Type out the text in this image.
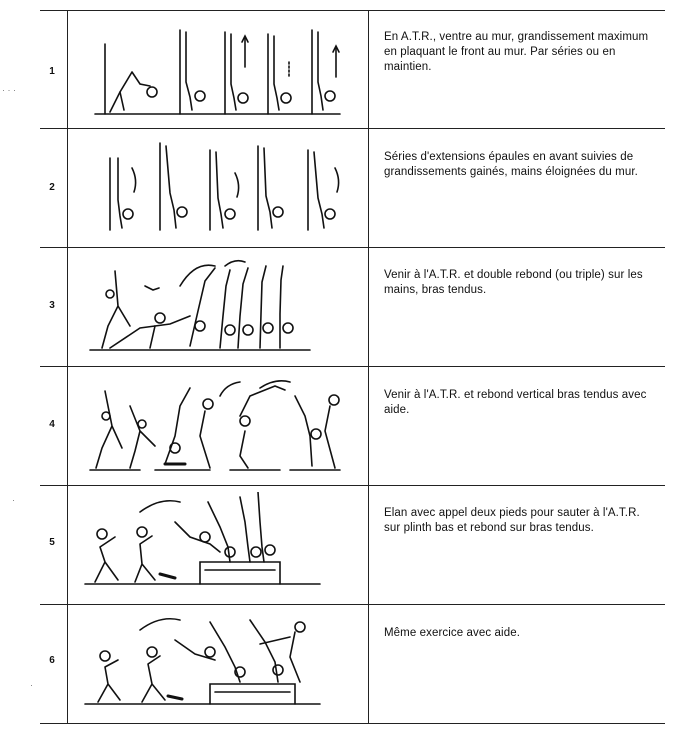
· · ·
·
·
1
En A.T.R., ventre au mur, grandissement maximum en plaquant le front au mur. Par séries ou en maintien.
2
Séries d'extensions épaules en avant suivies de grandissements gainés, mains éloignées du mur.
3
Venir à l'A.T.R. et double rebond (ou triple) sur les mains, bras tendus.
4
Venir à l'A.T.R. et rebond vertical bras tendus avec aide.
5
Elan avec appel deux pieds pour sauter à l'A.T.R. sur plinth bas et rebond sur bras tendus.
6
Même exercice avec aide.
